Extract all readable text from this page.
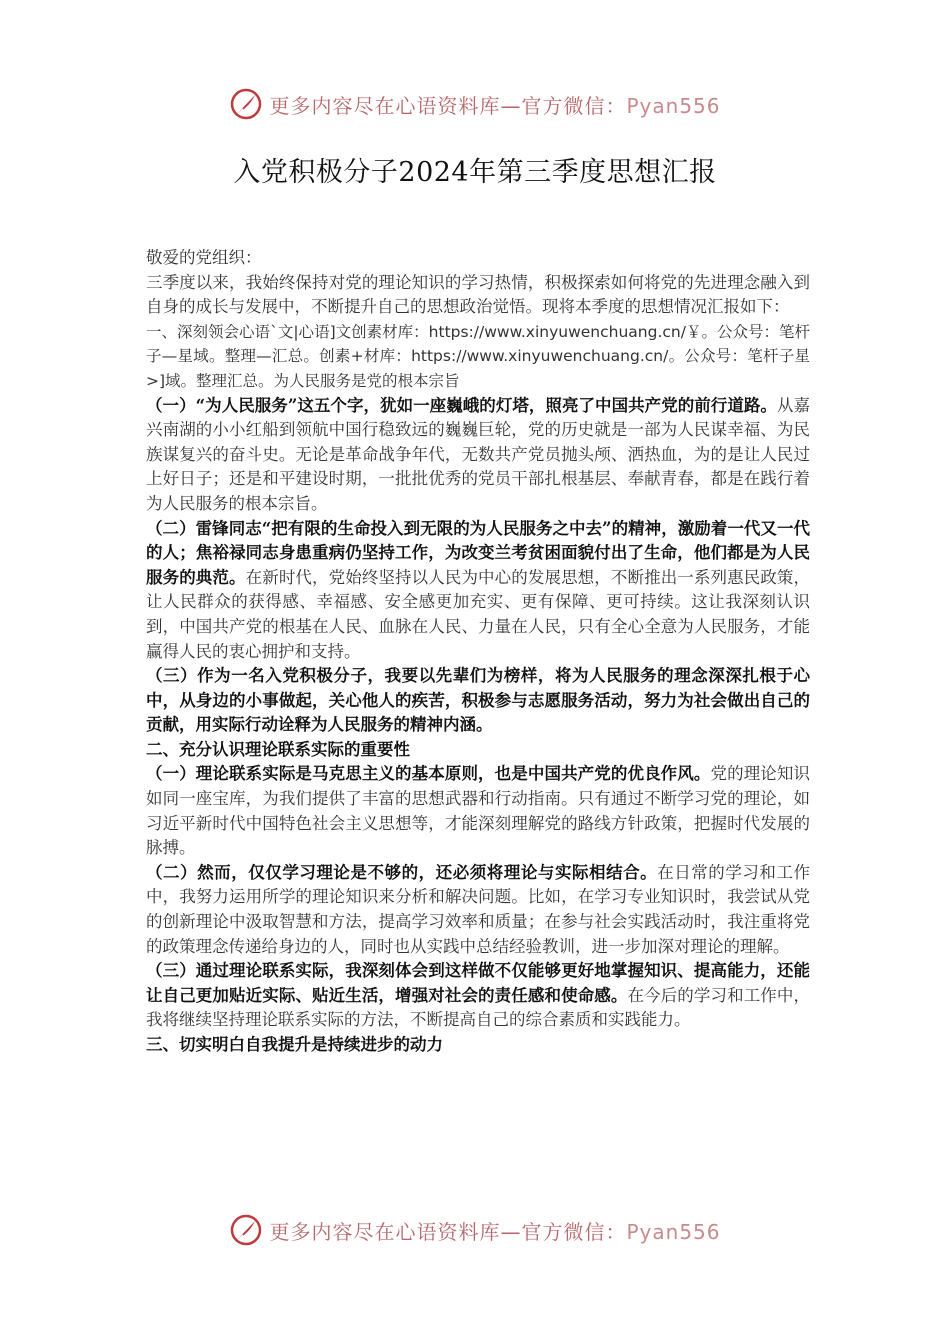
更多内容尽在心语资料库—官方微信：Pyan556
入党积极分子2024年第三季度思想汇报

敬爱的党组织：

三季度以来，我始终保持对党的理论知识的学习热情，积极探索如何将党的先进理念融入到自身的成长与发展中，不断提升自己的思想政治觉悟。现将本季度的思想情况汇报如下：

一、深刻领会心语`文|心语]文创素材库：https://www.xinyuwenchuang.cn/￥。公众号：笔杆子—星域。整理—汇总。创素+材库：https://www.xinyuwenchuang.cn/。公众号：笔杆子星>]域。整理汇总。为人民服务是党的根本宗旨

（一）“为人民服务”这五个字，犹如一座巍峨的灯塔，照亮了中国共产党的前行道路。从嘉兴南湖的小小红船到领航中国行稳致远的巍巍巨轮，党的历史就是一部为人民谋幸福、为民族谋复兴的奋斗史。无论是革命战争年代，无数共产党员抛头颅、洒热血，为的是让人民过上好日子；还是和平建设时期，一批批优秀的党员干部扎根基层、奉献青春，都是在践行着为人民服务的根本宗旨。

（二）雷锋同志“把有限的生命投入到无限的为人民服务之中去”的精神，激励着一代又一代的人；焦裕禄同志身患重病仍坚持工作，为改变兰考贫困面貌付出了生命，他们都是为人民服务的典范。在新时代，党始终坚持以人民为中心的发展思想，不断推出一系列惠民政策，让人民群众的获得感、幸福感、安全感更加充实、更有保障、更可持续。这让我深刻认识到，中国共产党的根基在人民、血脉在人民、力量在人民，只有全心全意为人民服务，才能赢得人民的衷心拥护和支持。

（三）作为一名入党积极分子，我要以先辈们为榜样，将为人民服务的理念深深扎根于心中，从身边的小事做起，关心他人的疾苦，积极参与志愿服务活动，努力为社会做出自己的贡献，用实际行动诠释为人民服务的精神内涵。

二、充分认识理论联系实际的重要性

（一）理论联系实际是马克思主义的基本原则，也是中国共产党的优良作风。党的理论知识如同一座宝库，为我们提供了丰富的思想武器和行动指南。只有通过不断学习党的理论，如习近平新时代中国特色社会主义思想等，才能深刻理解党的路线方针政策，把握时代发展的脉搏。

（二）然而，仅仅学习理论是不够的，还必须将理论与实际相结合。在日常的学习和工作中，我努力运用所学的理论知识来分析和解决问题。比如，在学习专业知识时，我尝试从党的创新理论中汲取智慧和方法，提高学习效率和质量；在参与社会实践活动时，我注重将党的政策理念传递给身边的人，同时也从实践中总结经验教训，进一步加深对理论的理解。

（三）通过理论联系实际，我深刻体会到这样做不仅能够更好地掌握知识、提高能力，还能让自己更加贴近实际、贴近生活，增强对社会的责任感和使命感。在今后的学习和工作中，我将继续坚持理论联系实际的方法，不断提高自己的综合素质和实践能力。

三、切实明白自我提升是持续进步的动力

更多内容尽在心语资料库—官方微信：Pyan556
